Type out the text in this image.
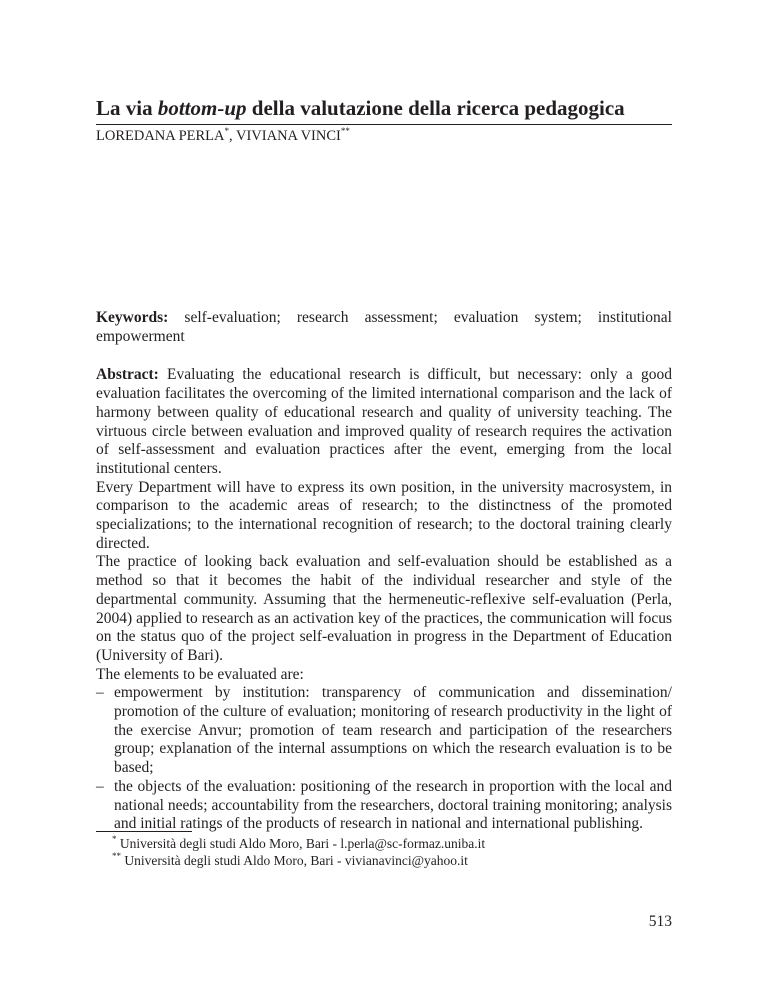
La via bottom-up della valutazione della ricerca pedagogica
LOREDANA PERLA*, VIVIANA VINCI**

Keywords: self-evaluation; research assessment; evaluation system; institutional empowerment

Abstract: Evaluating the educational research is difficult, but necessary: only a good evaluation facilitates the overcoming of the limited international comparison and the lack of harmony between quality of educational research and quality of university teaching. The virtuous circle between evaluation and improved quality of research requires the activation of self-assessment and evaluation practices after the event, emerging from the local institutional centers.

Every Department will have to express its own position, in the university macrosystem, in comparison to the academic areas of research; to the distinctness of the promoted specializations; to the international recognition of research; to the doctoral training clearly directed.

The practice of looking back evaluation and self-evaluation should be established as a method so that it becomes the habit of the individual researcher and style of the departmental community. Assuming that the hermeneutic-reflexive self-evaluation (Perla, 2004) applied to research as an activation key of the practices, the communication will focus on the status quo of the project self-evaluation in progress in the Department of Education (University of Bari).

The elements to be evaluated are:

– empowerment by institution: transparency of communication and dissemination/ promotion of the culture of evaluation; monitoring of research productivity in the light of the exercise Anvur; promotion of team research and participation of the researchers group; explanation of the internal assumptions on which the research evaluation is to be based;
– the objects of the evaluation: positioning of the research in proportion with the local and national needs; accountability from the researchers, doctoral training monitoring; analysis and initial ratings of the products of research in national and international publishing.
* Università degli studi Aldo Moro, Bari - l.perla@sc-formaz.uniba.it
** Università degli studi Aldo Moro, Bari - vivianavinci@yahoo.it
513
